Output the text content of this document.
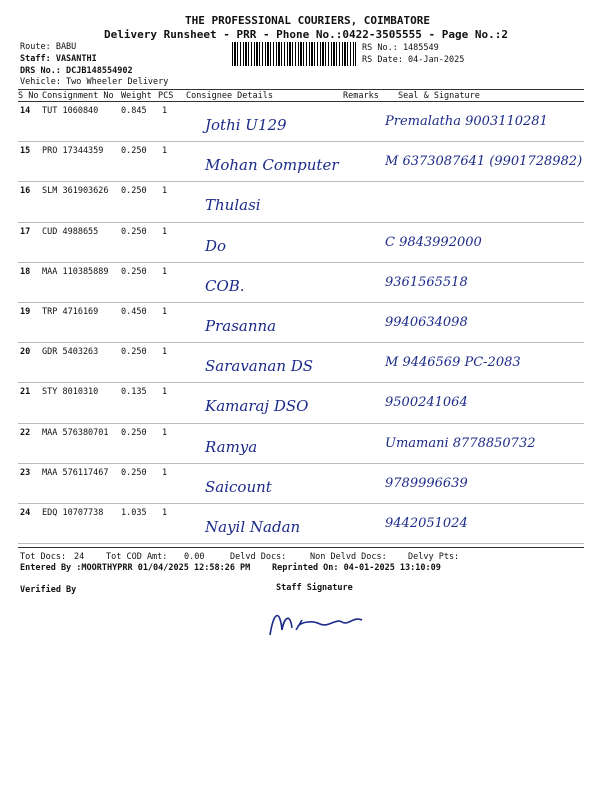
THE PROFESSIONAL COURIERS, COIMBATORE
Delivery Runsheet - PRR - Phone No.:0422-3505555 - Page No.:2
Route: BABU
Staff: VASANTHI
DRS No.: DCJB148554902
Vehicle: Two Wheeler Delivery
RS No.: 1485549
RS Date: 04-Jan-2025
S No Consignment No Weight PCS Consignee Details	Remarks Seal & Signature
14 TUT 1060840	0.845 1
Jothi U129	Premalatha 9003110281
15 PRO 17344359 0.250 1
Mohan Computer	M 6373087641 (9901728982)
16 SLM 361903626 0.250 1
Thulasi
17 CUD 4988655	0.250 1
Do	C 9843992000
18 MAA 110385889 0.250 1
COB.	9361565518
19 TRP 4716169	0.450 1
Prasanna	9940634098
20 GDR 5403263	0.250 1
Saravanan DS	M 9446569 PC-2083
21 STY 8010310	0.135 1
Kamaraj DSO	9500241064
22 MAA 576380701 0.250 1
Ramya	Umamani 8778850732
23 MAA 576117467 0.250 1
Saicount	9789996639
24 EDQ 10707738 1.035 1
Nayil Nadan	9442051024
Tot Docs: 24	Tot COD Amt: 0.00	Delvd Docs:	Non Delvd Docs: Delvy Pts:
Entered By :MOORTHYPRR 01/04/2025 12:58:26 PM	Reprinted On: 04-01-2025 13:10:09
Verified By	Staff Signature
